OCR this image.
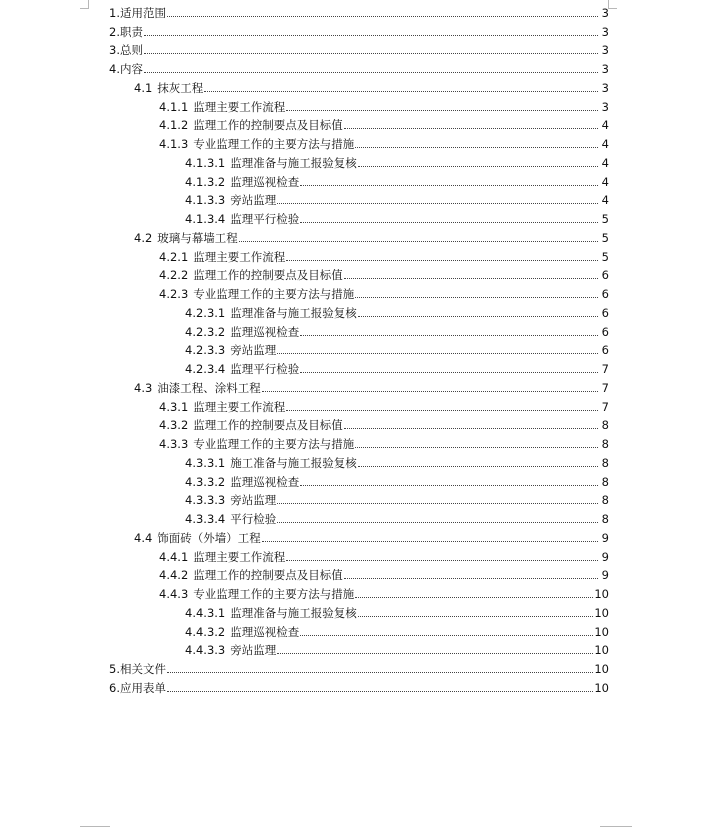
1. 适用范围	3
2. 职责	3
3. 总则	3
4. 内容	3
4.1 抹灰工程	3
4.1.1 监理主要工作流程	3
4.1.2 监理工作的控制要点及目标值	4
4.1.3 专业监理工作的主要方法与措施	4
4.1.3.1 监理准备与施工报验复核	4
4.1.3.2 监理巡视检查	4
4.1.3.3 旁站监理	4
4.1.3.4 监理平行检验	5
4.2 玻璃与幕墙工程	5
4.2.1 监理主要工作流程	5
4.2.2 监理工作的控制要点及目标值	6
4.2.3 专业监理工作的主要方法与措施	6
4.2.3.1 监理准备与施工报验复核	6
4.2.3.2 监理巡视检查	6
4.2.3.3 旁站监理	6
4.2.3.4 监理平行检验	7
4.3 油漆工程、涂料工程	7
4.3.1 监理主要工作流程	7
4.3.2 监理工作的控制要点及目标值	8
4.3.3 专业监理工作的主要方法与措施	8
4.3.3.1 施工准备与施工报验复核	8
4.3.3.2 监理巡视检查	8
4.3.3.3 旁站监理	8
4.3.3.4 平行检验	8
4.4 饰面砖（外墙）工程	9
4.4.1 监理主要工作流程	9
4.4.2 监理工作的控制要点及目标值	9
4.4.3 专业监理工作的主要方法与措施	10
4.4.3.1 监理准备与施工报验复核	10
4.4.3.2 监理巡视检查	10
4.4.3.3 旁站监理	10
5. 相关文件	10
6. 应用表单	10
